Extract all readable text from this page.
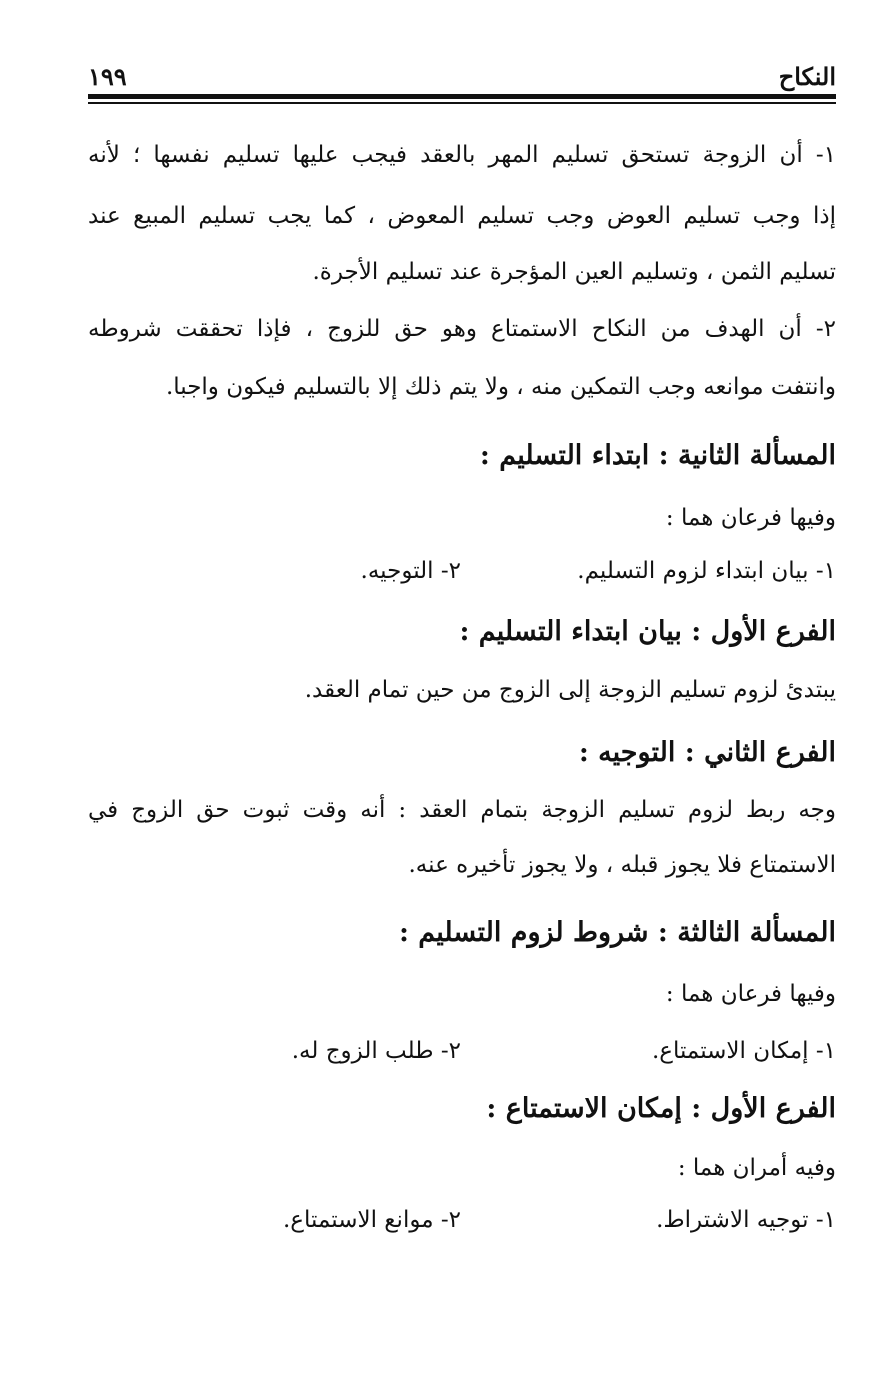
النكاح
١٩٩
١- أن الزوجة تستحق تسليم المهر بالعقد فيجب عليها تسليم نفسها ؛ لأنه
إذا وجب تسليم العوض وجب تسليم المعوض ، كما يجب تسليم المبيع عند
تسليم الثمن ، وتسليم العين المؤجرة عند تسليم الأجرة.
٢- أن الهدف من النكاح الاستمتاع وهو حق للزوج ، فإذا تحققت شروطه
وانتفت موانعه وجب التمكين منه ، ولا يتم ذلك إلا بالتسليم فيكون واجبا.
المسألة الثانية : ابتداء التسليم :
وفيها فرعان هما :
١- بيان ابتداء لزوم التسليم.
٢- التوجيه.
الفرع الأول : بيان ابتداء التسليم :
يبتدئ لزوم تسليم الزوجة إلى الزوج من حين تمام العقد.
الفرع الثاني : التوجيه :
وجه ربط لزوم تسليم الزوجة بتمام العقد : أنه وقت ثبوت حق الزوج في
الاستمتاع فلا يجوز قبله ، ولا يجوز تأخيره عنه.
المسألة الثالثة : شروط لزوم التسليم :
وفيها فرعان هما :
١- إمكان الاستمتاع.
٢- طلب الزوج له.
الفرع الأول : إمكان الاستمتاع :
وفيه أمران هما :
١- توجيه الاشتراط.
٢- موانع الاستمتاع.
